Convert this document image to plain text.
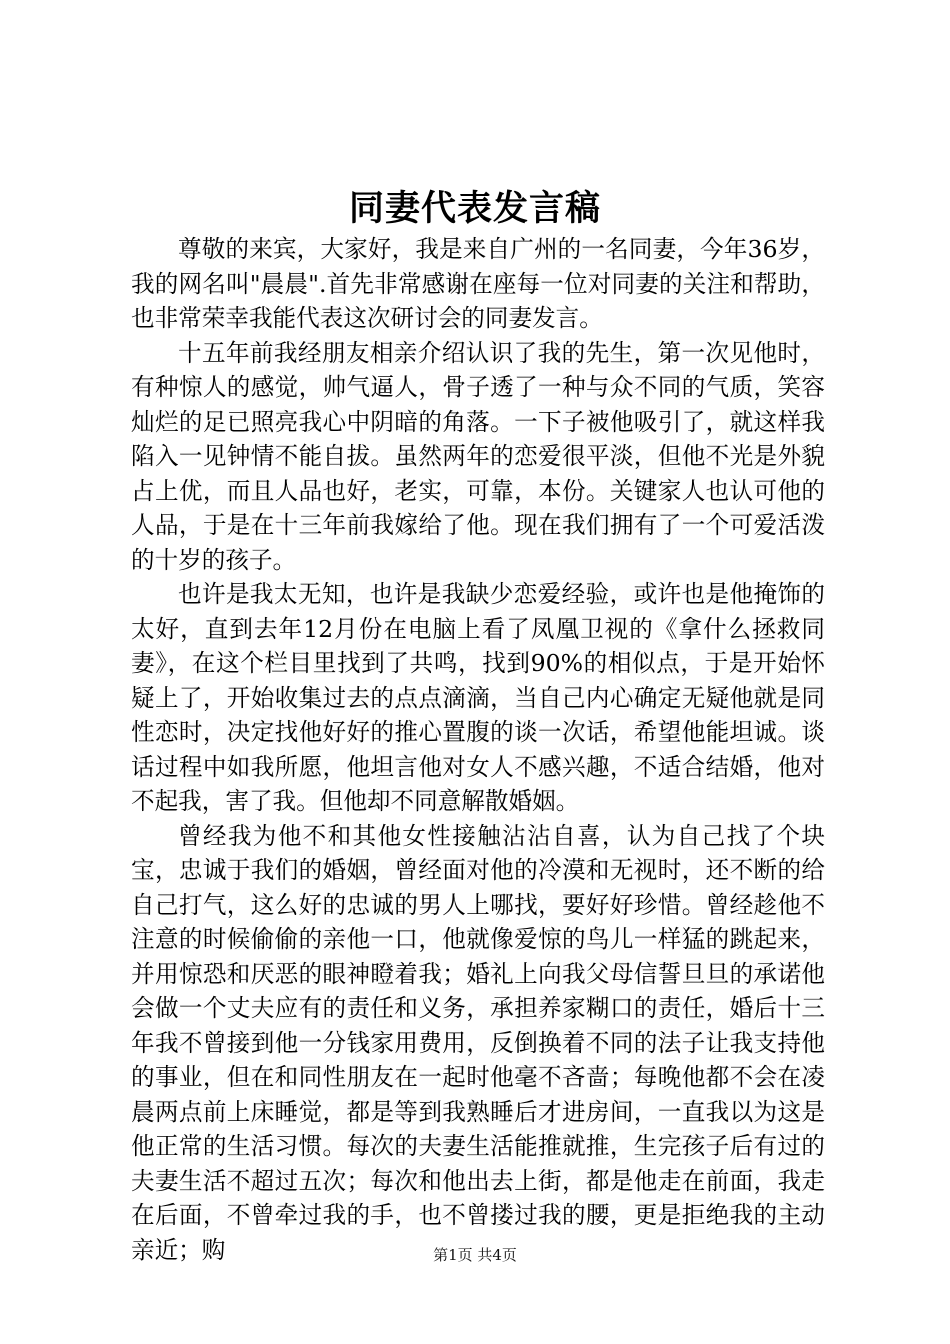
同妻代表发言稿

尊敬的来宾，大家好，我是来自广州的一名同妻，今年36岁，我的网名叫"晨晨".首先非常感谢在座每一位对同妻的关注和帮助，也非常荣幸我能代表这次研讨会的同妻发言。

十五年前我经朋友相亲介绍认识了我的先生，第一次见他时，有种惊人的感觉，帅气逼人，骨子透了一种与众不同的气质，笑容灿烂的足已照亮我心中阴暗的角落。一下子被他吸引了，就这样我陷入一见钟情不能自拔。虽然两年的恋爱很平淡，但他不光是外貌占上优，而且人品也好，老实，可靠，本份。关键家人也认可他的人品，于是在十三年前我嫁给了他。现在我们拥有了一个可爱活泼的十岁的孩子。

也许是我太无知，也许是我缺少恋爱经验，或许也是他掩饰的太好，直到去年12月份在电脑上看了凤凰卫视的《拿什么拯救同妻》，在这个栏目里找到了共鸣，找到90%的相似点，于是开始怀疑上了，开始收集过去的点点滴滴，当自己内心确定无疑他就是同性恋时，决定找他好好的推心置腹的谈一次话，希望他能坦诚。谈话过程中如我所愿，他坦言他对女人不感兴趣，不适合结婚，他对不起我，害了我。但他却不同意解散婚姻。

曾经我为他不和其他女性接触沾沾自喜，认为自己找了个块宝，忠诚于我们的婚姻，曾经面对他的冷漠和无视时，还不断的给自己打气，这么好的忠诚的男人上哪找，要好好珍惜。曾经趁他不注意的时候偷偷的亲他一口，他就像爱惊的鸟儿一样猛的跳起来，并用惊恐和厌恶的眼神瞪着我；婚礼上向我父母信誓旦旦的承诺他会做一个丈夫应有的责任和义务，承担养家糊口的责任，婚后十三年我不曾接到他一分钱家用费用，反倒换着不同的法子让我支持他的事业，但在和同性朋友在一起时他毫不吝啬；每晚他都不会在凌晨两点前上床睡觉，都是等到我熟睡后才进房间，一直我以为这是他正常的生活习惯。每次的夫妻生活能推就推，生完孩子后有过的夫妻生活不超过五次；每次和他出去上街，都是他走在前面，我走在后面，不曾牵过我的手，也不曾搂过我的腰，更是拒绝我的主动亲近；购	第1页 共4页
